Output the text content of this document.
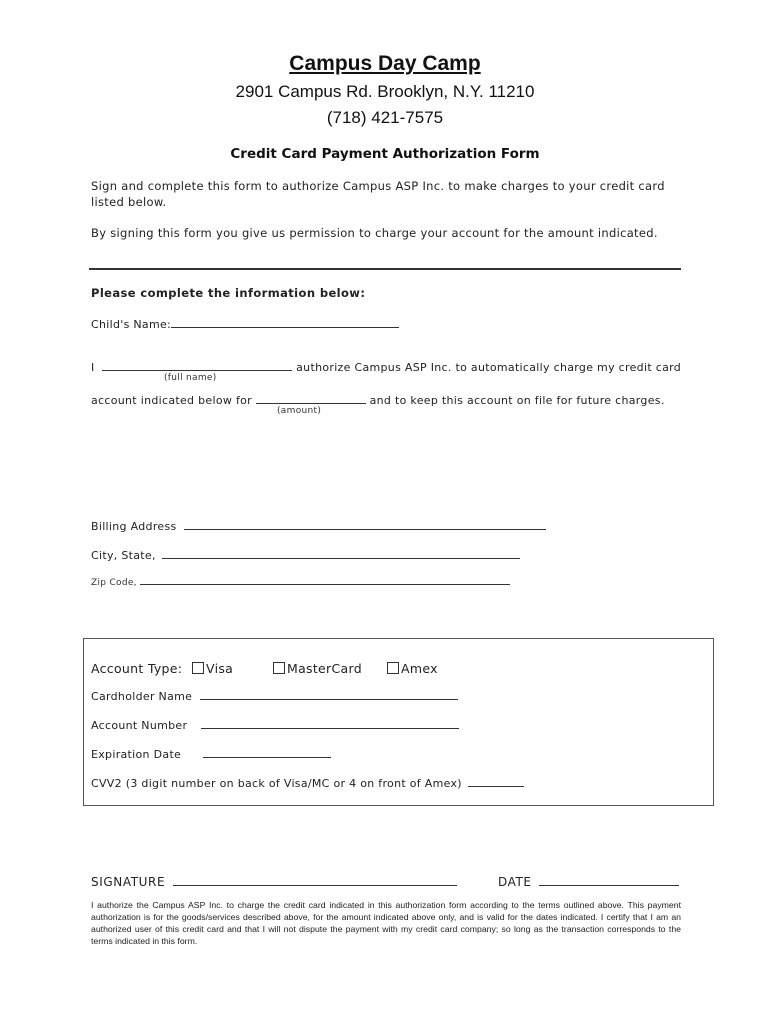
Campus Day Camp
2901 Campus Rd. Brooklyn, N.Y. 11210
(718) 421-7575
Credit Card Payment Authorization Form
Sign and complete this form to authorize Campus ASP Inc. to make charges to your credit card listed below.
By signing this form you give us permission to charge your account for the amount indicated.
Please complete the information below:
Child's Name:
I	authorize Campus ASP Inc. to automatically charge my credit card
(full name)
account indicated below for	and to keep this account on file for future charges.
(amount)
Billing Address
City, State,
Zip Code,
Account Type:	Visa	MasterCard	Amex
Cardholder Name
Account Number
Expiration Date
CVV2 (3 digit number on back of Visa/MC or 4 on front of Amex)
SIGNATURE	DATE
I authorize the Campus ASP Inc. to charge the credit card indicated in this authorization form according to the terms outlined above. This payment authorization is for the goods/services described above, for the amount indicated above only, and is valid for the dates indicated. I certify that I am an authorized user of this credit card and that I will not dispute the payment with my credit card company; so long as the transaction corresponds to the terms indicated in this form.
